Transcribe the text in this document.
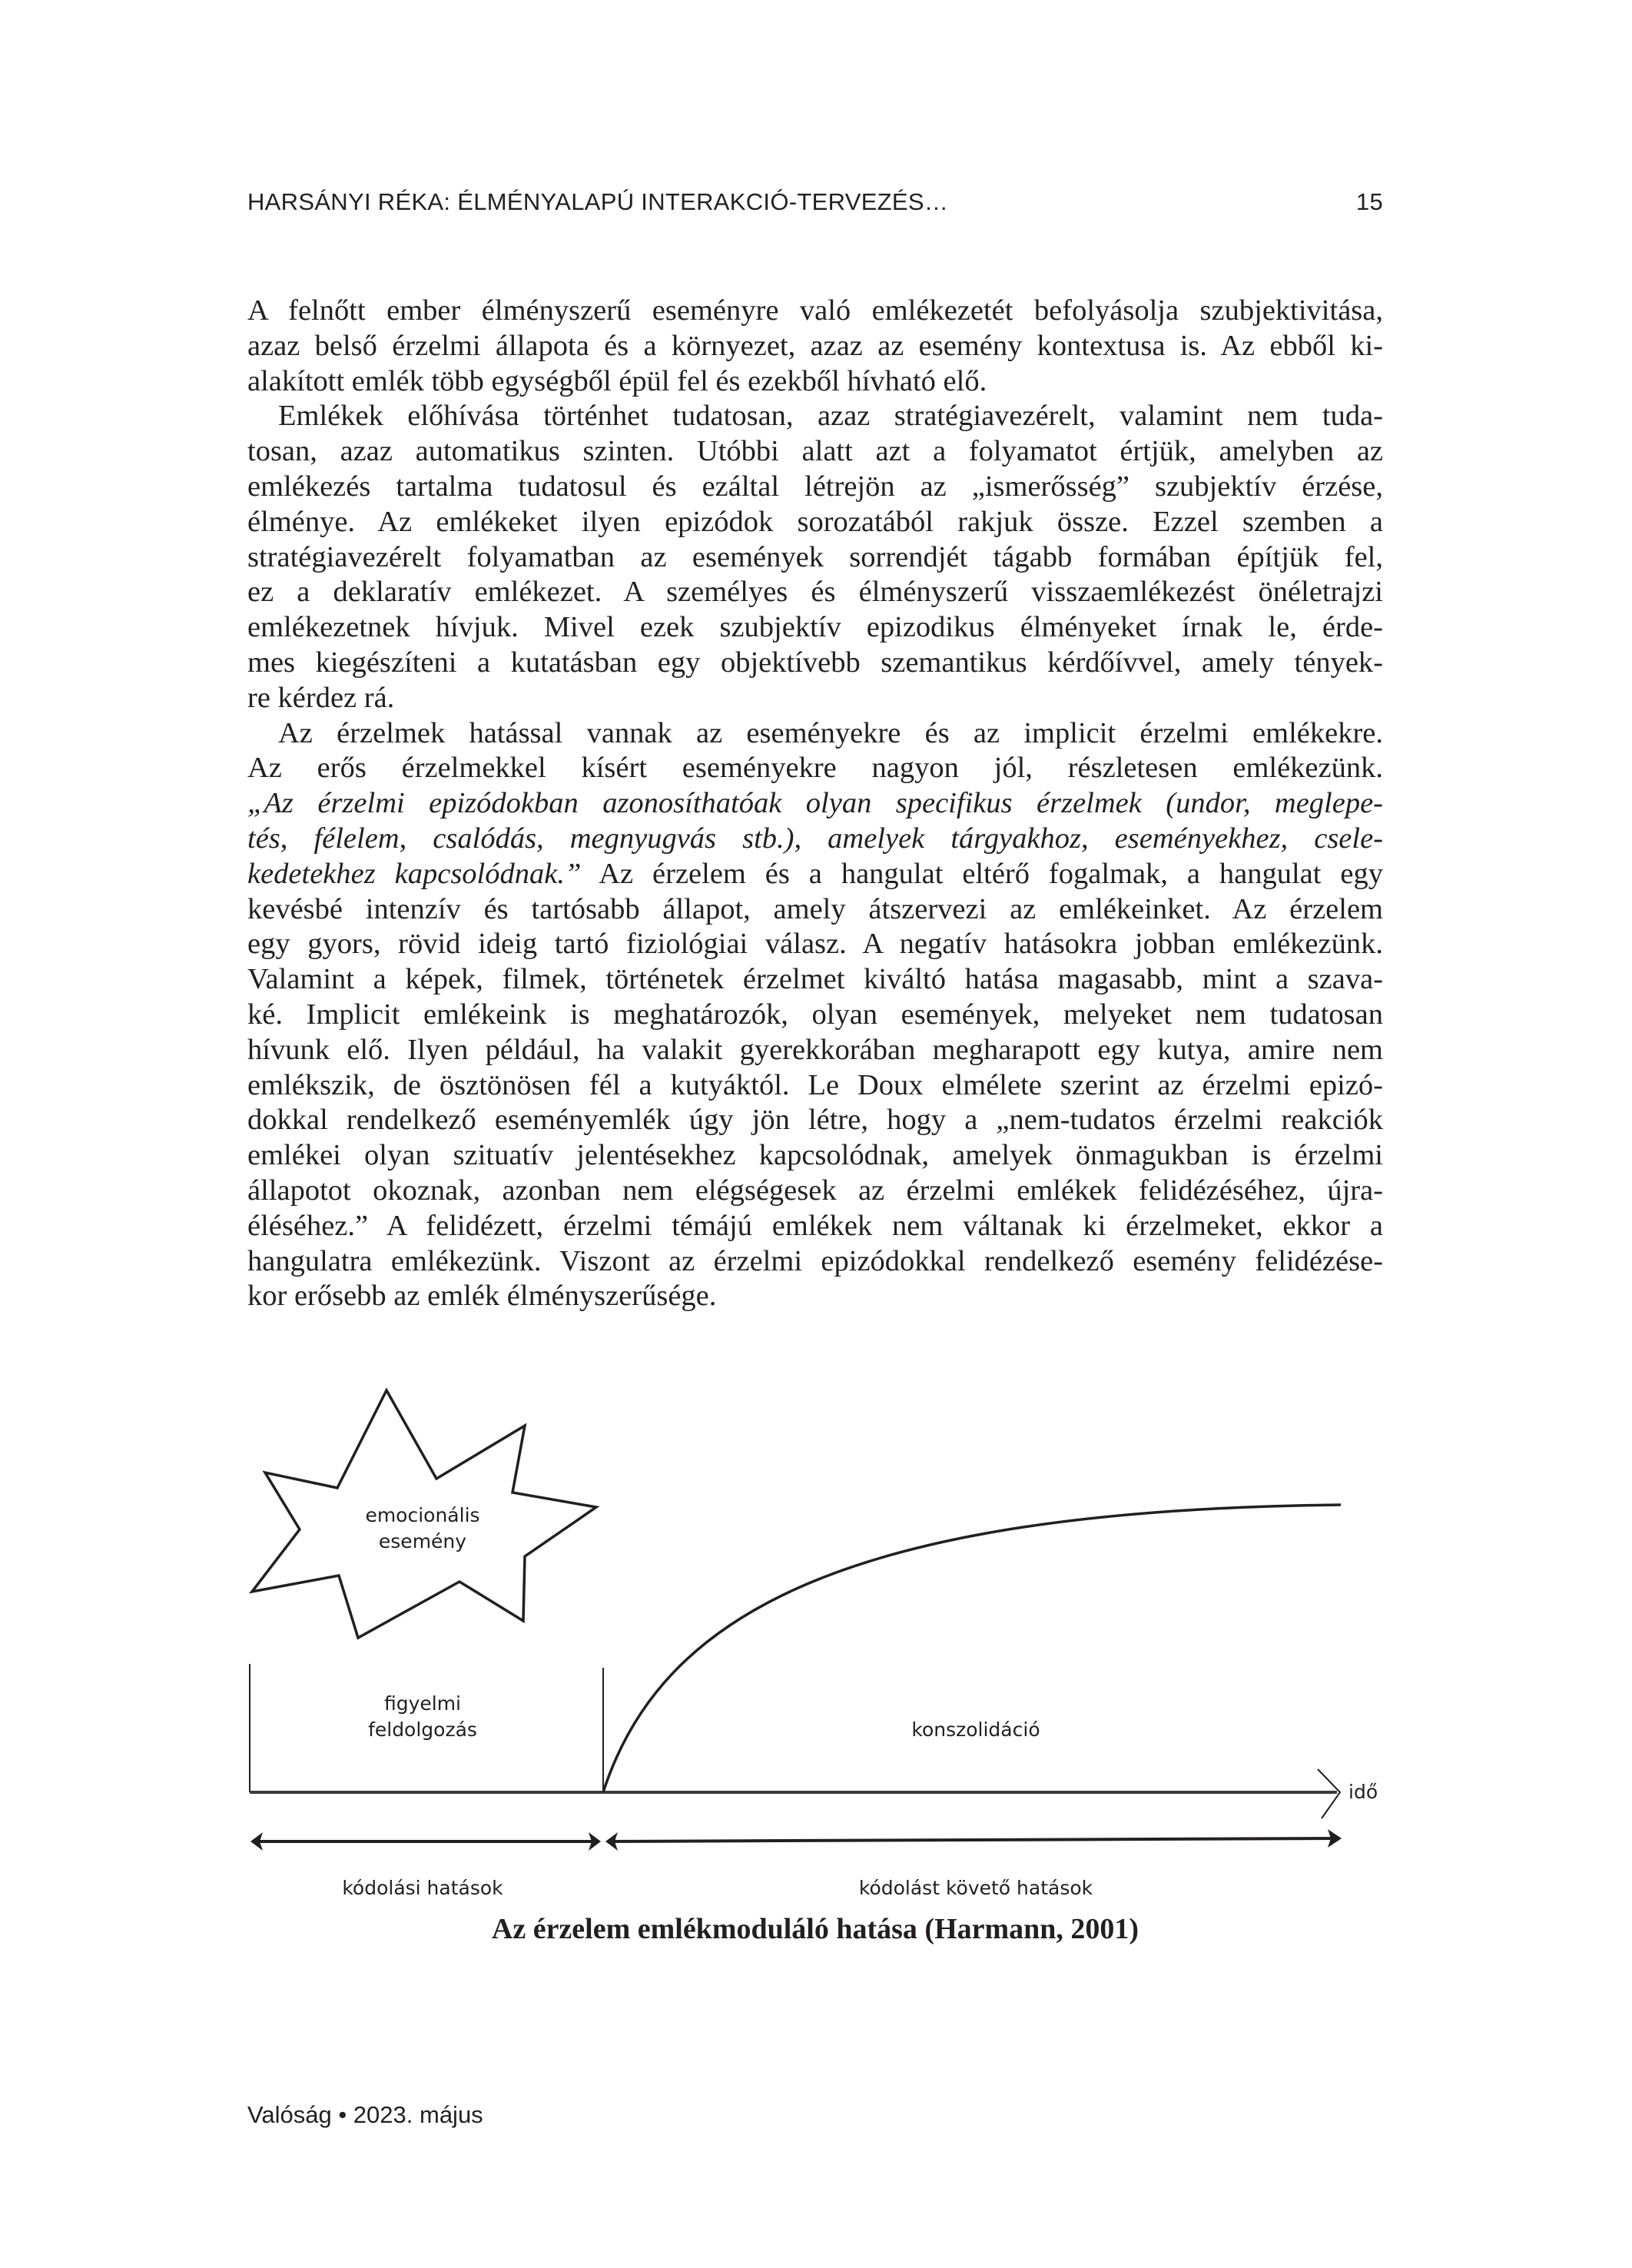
HARSÁNYI RÉKA: ÉLMÉNYALAPÚ INTERAKCIÓ-TERVEZÉS…	15
A felnőtt ember élményszerű eseményre való emlékezetét befolyásolja szubjektivitása,
azaz belső érzelmi állapota és a környezet, azaz az esemény kontextusa is. Az ebből ki-
alakított emlék több egységből épül fel és ezekből hívható elő.
Emlékek előhívása történhet tudatosan, azaz stratégiavezérelt, valamint nem tuda-
tosan, azaz automatikus szinten. Utóbbi alatt azt a folyamatot értjük, amelyben az
emlékezés tartalma tudatosul és ezáltal létrejön az „ismerősség” szubjektív érzése,
élménye. Az emlékeket ilyen epizódok sorozatából rakjuk össze. Ezzel szemben a
stratégiavezérelt folyamatban az események sorrendjét tágabb formában építjük fel,
ez a deklaratív emlékezet. A személyes és élményszerű visszaemlékezést önéletrajzi
emlékezetnek hívjuk. Mivel ezek szubjektív epizodikus élményeket írnak le, érde-
mes kiegészíteni a kutatásban egy objektívebb szemantikus kérdőívvel, amely tények-
re kérdez rá.
Az érzelmek hatással vannak az eseményekre és az implicit érzelmi emlékekre.
Az erős érzelmekkel kísért eseményekre nagyon jól, részletesen emlékezünk.
„Az érzelmi epizódokban azonosíthatóak olyan specifikus érzelmek (undor, meglepe-
tés, félelem, csalódás, megnyugvás stb.), amelyek tárgyakhoz, eseményekhez, csele-
kedetekhez kapcsolódnak.” Az érzelem és a hangulat eltérő fogalmak, a hangulat egy
kevésbé intenzív és tartósabb állapot, amely átszervezi az emlékeinket. Az érzelem
egy gyors, rövid ideig tartó fiziológiai válasz. A negatív hatásokra jobban emlékezünk.
Valamint a képek, filmek, történetek érzelmet kiváltó hatása magasabb, mint a szava-
ké. Implicit emlékeink is meghatározók, olyan események, melyeket nem tudatosan
hívunk elő. Ilyen például, ha valakit gyerekkorában megharapott egy kutya, amire nem
emlékszik, de ösztönösen fél a kutyáktól. Le Doux elmélete szerint az érzelmi epizó-
dokkal rendelkező eseményemlék úgy jön létre, hogy a „nem-tudatos érzelmi reakciók
emlékei olyan szituatív jelentésekhez kapcsolódnak, amelyek önmagukban is érzelmi
állapotot okoznak, azonban nem elégségesek az érzelmi emlékek felidézéséhez, újra-
éléséhez.” A felidézett, érzelmi témájú emlékek nem váltanak ki érzelmeket, ekkor a
hangulatra emlékezünk. Viszont az érzelmi epizódokkal rendelkező esemény felidézése-
kor erősebb az emlék élményszerűsége.
emocionális
esemény
figyelmi
feldolgozás	konszolidáció
idő
kódolási hatások	kódolást követő hatások
Az érzelem emlékmoduláló hatása (Harmann, 2001)
Valóság • 2023. május
